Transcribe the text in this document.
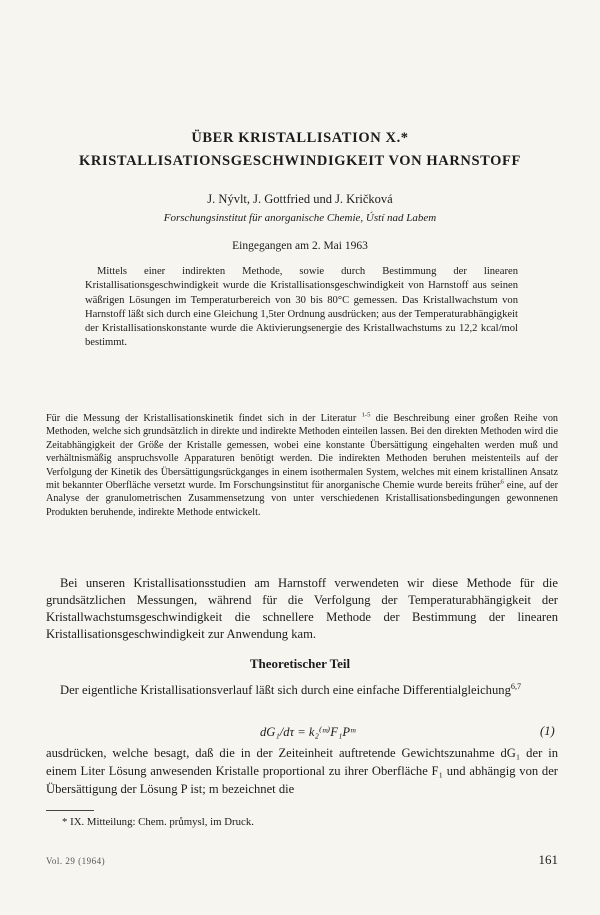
ÜBER KRISTALLISATION X.*
KRISTALLISATIONSGESCHWINDIGKEIT VON HARNSTOFF
J. Nývlt, J. Gottfried und J. Kričková
Forschungsinstitut für anorganische Chemie, Ústí nad Labem
Eingegangen am 2. Mai 1963
Mittels einer indirekten Methode, sowie durch Bestimmung der linearen Kristallisationsgeschwindigkeit wurde die Kristallisationsgeschwindigkeit von Harnstoff aus seinen wäßrigen Lösungen im Temperaturbereich von 30 bis 80°C gemessen. Das Kristallwachstum von Harnstoff läßt sich durch eine Gleichung 1,5ter Ordnung ausdrücken; aus der Temperaturabhängigkeit der Kristallisationskonstante wurde die Aktivierungsenergie des Kristallwachstums zu 12,2 kcal/mol bestimmt.
Für die Messung der Kristallisationskinetik findet sich in der Literatur $^{1-5}$ die Beschreibung einer großen Reihe von Methoden, welche sich grundsätzlich in direkte und indirekte Methoden einteilen lassen. Bei den direkten Methoden wird die Zeitabhängigkeit der Größe der Kristalle gemessen, wobei eine konstante Übersättigung eingehalten werden muß und verhältnismäßig anspruchsvolle Apparaturen benötigt werden. Die indirekten Methoden beruhen meistenteils auf der Verfolgung der Kinetik des Übersättigungsrückganges in einem isothermalen System, welches mit einem kristallinen Ansatz mit bekannter Oberfläche versetzt wurde. Im Forschungsinstitut für anorganische Chemie wurde bereits früher$^6$ eine, auf der Analyse der granulometrischen Zusammensetzung von unter verschiedenen Kristallisationsbedingungen gewonnenen Produkten beruhende, indirekte Methode entwickelt.
Bei unseren Kristallisationsstudien am Harnstoff verwendeten wir diese Methode für die grundsätzlichen Messungen, während für die Verfolgung der Temperaturabhängigkeit der Kristallwachstumsgeschwindigkeit die schnellere Methode der Bestimmung der linearen Kristallisationsgeschwindigkeit zur Anwendung kam.
Theoretischer Teil
Der eigentliche Kristallisationsverlauf läßt sich durch eine einfache Differentialgleichung$^{6,7}$
dG₁/dτ = k₂⁽ᵐ⁾F₁Pᵐ	(1)
ausdrücken, welche besagt, daß die in der Zeiteinheit auftretende Gewichtszunahme dG₁ der in einem Liter Lösung anwesenden Kristalle proportional zu ihrer Oberfläche F₁ und abhängig von der Übersättigung der Lösung P ist; m bezeichnet die
* IX. Mitteilung: Chem. průmysl, im Druck.
Vol. 29 (1964)	161
